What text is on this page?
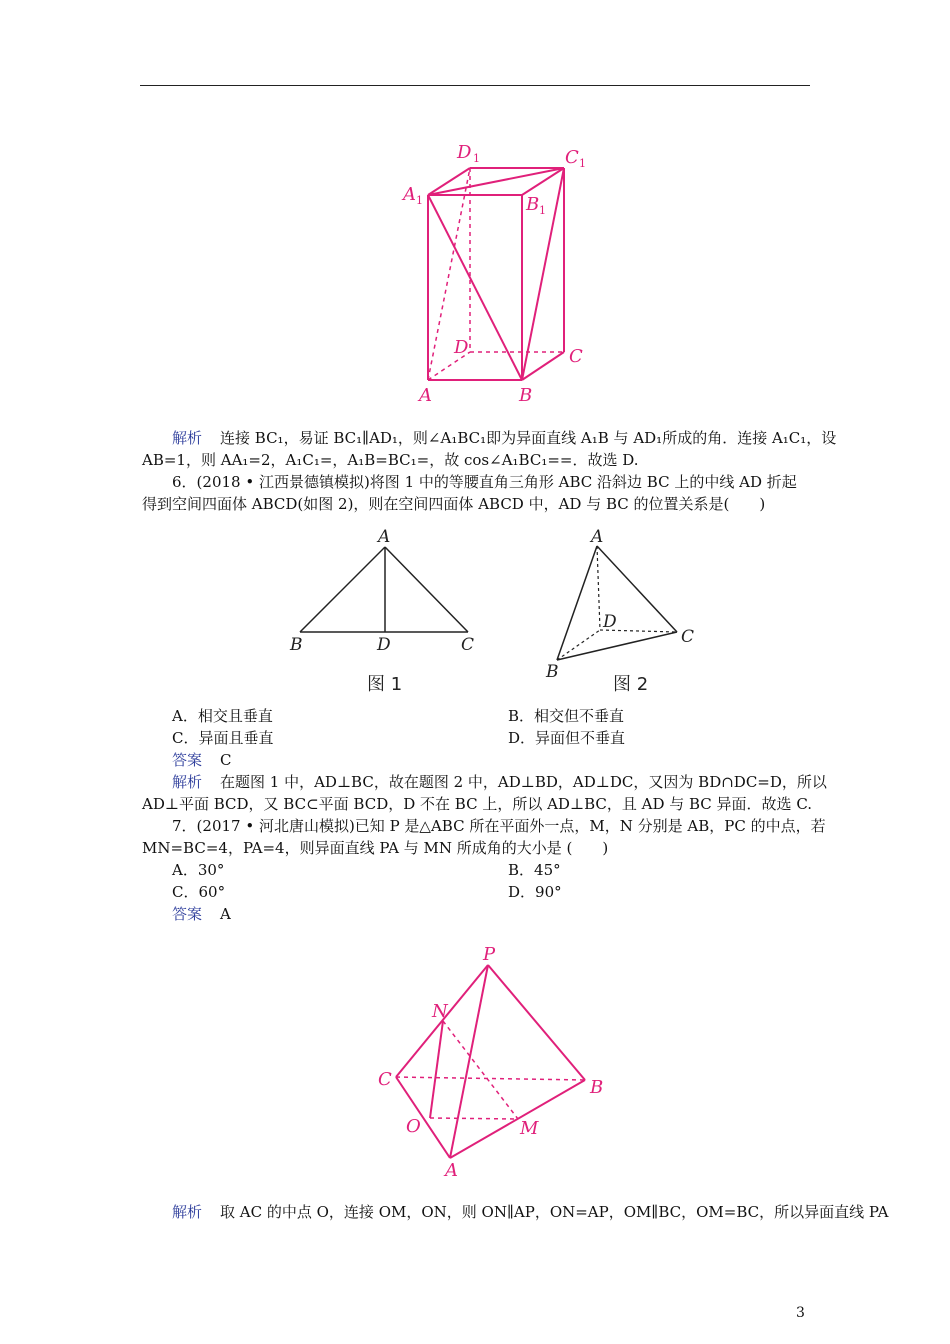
D 1	C 1
A 1	B 1
D	C
A	B
解析 连接 BC₁，易证 BC₁∥AD₁，则∠A₁BC₁即为异面直线 A₁B 与 AD₁所成的角．连接 A₁C₁，设
AB=1，则 AA₁=2，A₁C₁=，A₁B=BC₁=，故 cos∠A₁BC₁==．故选 D.
6．(2018 • 江西景德镇模拟)将图 1 中的等腰直角三角形 ABC 沿斜边 BC 上的中线 AD 折起
得到空间四面体 ABCD(如图 2)，则在空间四面体 ABCD 中，AD 与 BC 的位置关系是(　　)
A
B	D	C
图 1
A
D
C
B
图 2
A．相交且垂直	B．相交但不垂直
C．异面且垂直	D．异面但不垂直
答案 C
解析 在题图 1 中，AD⊥BC，故在题图 2 中，AD⊥BD，AD⊥DC，又因为 BD∩DC=D，所以
AD⊥平面 BCD，又 BC⊂平面 BCD，D 不在 BC 上，所以 AD⊥BC，且 AD 与 BC 异面．故选 C.
7．(2017 • 河北唐山模拟)已知 P 是△ABC 所在平面外一点，M，N 分别是 AB，PC 的中点，若
MN=BC=4，PA=4，则异面直线 PA 与 MN 所成角的大小是 (　　)
A．30°	B．45°
C．60°	D．90°
答案 A
P
N
C	B
O	M
A
解析 取 AC 的中点 O，连接 OM，ON，则 ON∥AP，ON=AP，OM∥BC，OM=BC，所以异面直线 PA
3
